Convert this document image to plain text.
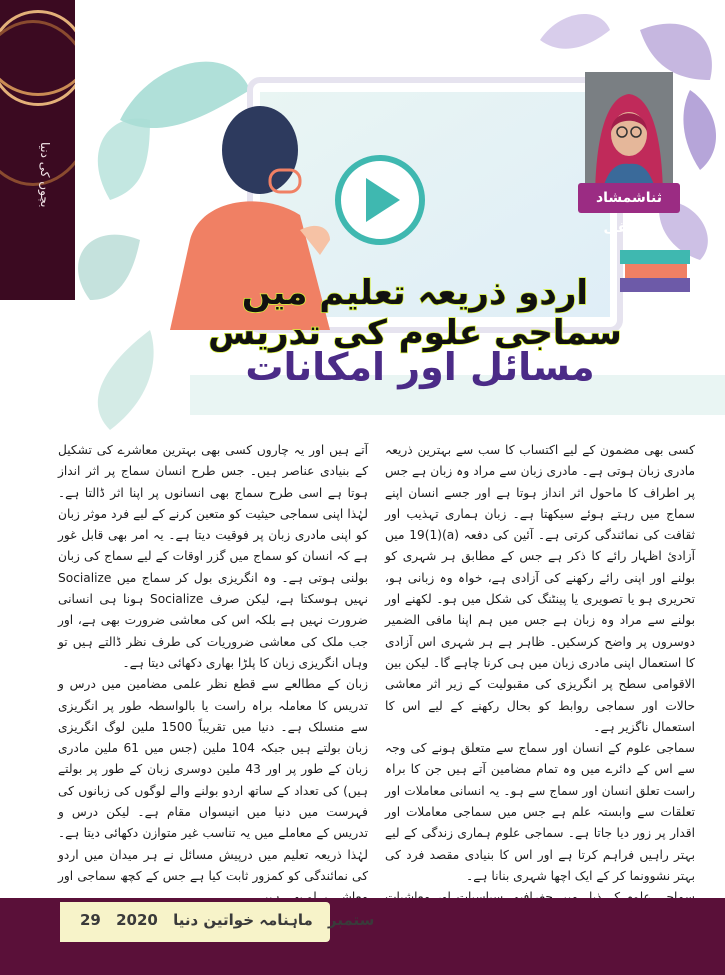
بچوں کی دنیا	ثناشمشاد صدیقی
اردو ذریعہ تعلیم میں سماجی علوم کی تدریس
مسائل اور امکانات

کسی بھی مضمون کے لیے اکتساب کا سب سے بہترین ذریعہ مادری زبان ہوتی ہے۔ مادری زبان سے مراد وہ زبان ہے جس پر اطراف کا ماحول اثر انداز ہوتا ہے اور جسے انسان اپنے سماج میں رہتے ہوئے سیکھتا ہے۔ زبان ہماری تہذیب اور ثقافت کی نمائندگی کرتی ہے۔ آئین کی دفعہ (a)(1)19 میں آزادیٔ اظہار رائے کا ذکر ہے جس کے مطابق ہر شہری کو بولنے اور اپنی رائے رکھنے کی آزادی ہے، خواہ وہ زبانی ہو، تحریری ہو یا تصویری یا پینٹنگ کی شکل میں ہو۔ لکھنے اور بولنے سے مراد وہ زبان ہے جس میں ہم اپنا مافی الضمیر دوسروں پر واضح کرسکیں۔ ظاہر ہے ہر شہری اس آزادی کا استعمال اپنی مادری زبان میں ہی کرنا چاہے گا۔ لیکن بین الاقوامی سطح پر انگریزی کی مقبولیت کے زیر اثر معاشی حالات اور سماجی روابط کو بحال رکھنے کے لیے اس کا استعمال ناگزیر ہے۔

سماجی علوم کے انسان اور سماج سے متعلق ہونے کی وجہ سے اس کے دائرے میں وہ تمام مضامین آتے ہیں جن کا براہ راست تعلق انسان اور سماج سے ہو۔ یہ انسانی معاملات اور تعلقات سے وابستہ علم ہے جس میں سماجی معاملات اور اقدار پر زور دیا جاتا ہے۔ سماجی علوم ہماری زندگی کے لیے بہتر راہیں فراہم کرتا ہے اور اس کا بنیادی مقصد فرد کی بہتر نشوونما کر کے ایک اچھا شہری بنانا ہے۔

آتے ہیں اور یہ چاروں کسی بھی بہترین معاشرے کی تشکیل کے بنیادی عناصر ہیں۔ جس طرح انسان سماج پر اثر انداز ہوتا ہے اسی طرح سماج بھی انسانوں پر اپنا اثر ڈالتا ہے۔ لہٰذا اپنی سماجی حیثیت کو متعین کرنے کے لیے فرد موثر زبان کو اپنی مادری زبان پر فوقیت دیتا ہے۔ یہ امر بھی قابل غور ہے کہ انسان کو سماج میں گزر اوقات کے لیے سماج کی زبان بولنی ہوتی ہے۔ وہ انگریزی بول کر سماج میں Socialize نہیں ہوسکتا ہے، لیکن صرف Socialize ہونا ہی انسانی ضرورت نہیں ہے بلکہ اس کی معاشی ضرورت بھی ہے، اور جب ملک کی معاشی ضروریات کی طرف نظر ڈالتے ہیں تو وہاں انگریزی زبان کا پلڑا بھاری دکھائی دیتا ہے۔

زبان کے مطالعے سے قطع نظر علمی مضامین میں درس و تدریس کا معاملہ براہ راست یا بالواسطہ طور پر انگریزی سے منسلک ہے۔ دنیا میں تقریباً 1500 ملین لوگ انگریزی زبان بولتے ہیں جبکہ 104 ملین (جس میں 61 ملین مادری زبان کے طور پر اور 43 ملین دوسری زبان کے طور پر بولتے ہیں) کی تعداد کے ساتھ اردو بولنے والے لوگوں کی زبانوں کی فہرست میں دنیا میں انیسواں مقام ہے۔ لیکن درس و تدریس کے معاملے میں یہ تناسب غیر متوازن دکھائی دیتا ہے۔ لہٰذا ذریعہ تعلیم میں درپیش مسائل نے ہر میدان میں اردو کی نمائندگی کو کمزور ثابت کیا ہے جس کے کچھ سماجی اور

29 2020	ستمبر ماہنامہ خواتین دنیا
